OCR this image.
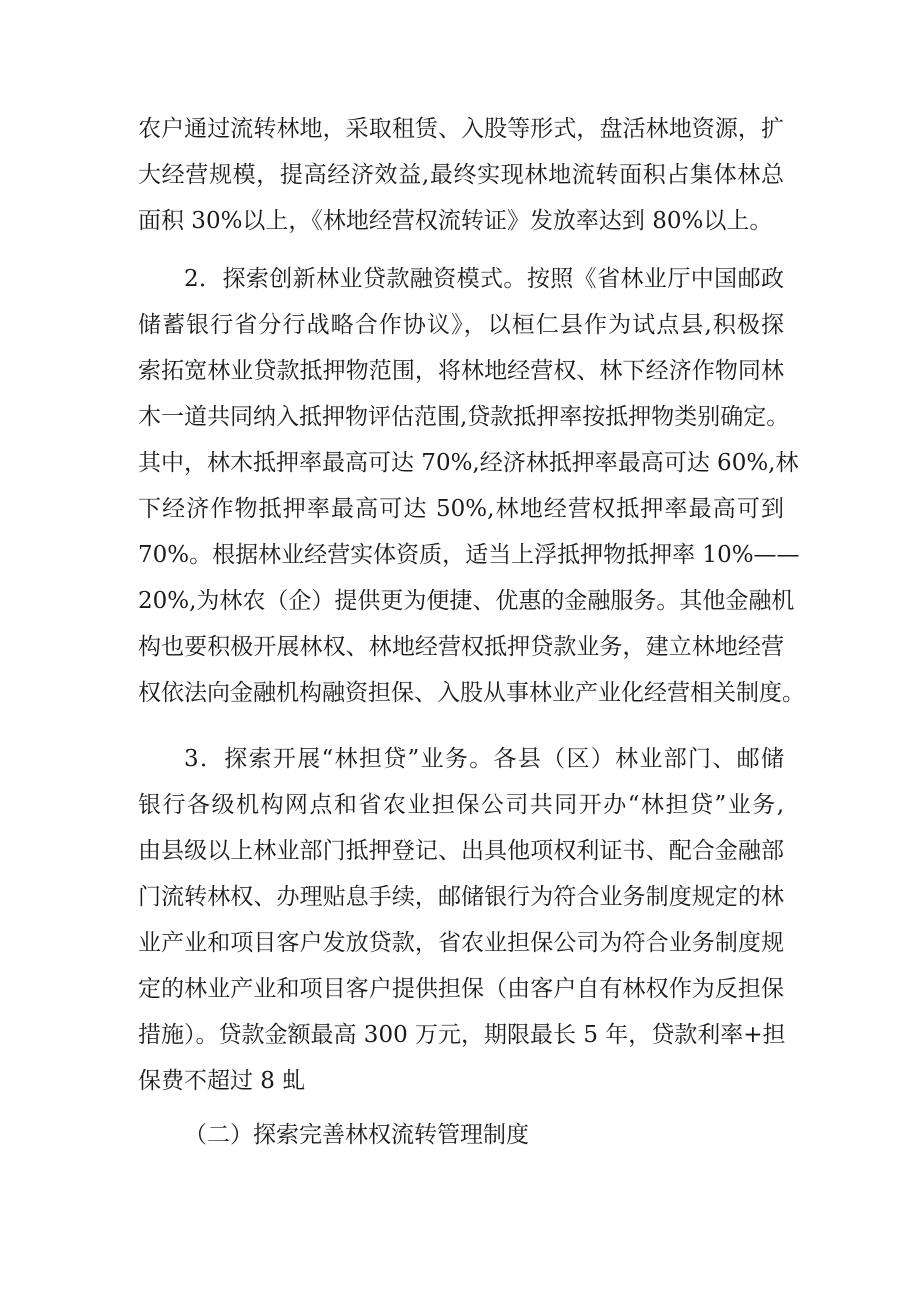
农户通过流转林地，采取租赁、入股等形式，盘活林地资源，扩
大经营规模，提高经济效益,最终实现林地流转面积占集体林总
面积 30%以上，《林地经营权流转证》发放率达到 80%以上。
2．探索创新林业贷款融资模式。按照《省林业厅中国邮政
储蓄银行省分行战略合作协议》，以桓仁县作为试点县,积极探
索拓宽林业贷款抵押物范围，将林地经营权、林下经济作物同林
木一道共同纳入抵押物评估范围,贷款抵押率按抵押物类别确定。
其中，林木抵押率最高可达 70%,经济林抵押率最高可达 60%,林
下经济作物抵押率最高可达 50%,林地经营权抵押率最高可到
70%。根据林业经营实体资质，适当上浮抵押物抵押率 10%——
20%,为林农（企）提供更为便捷、优惠的金融服务。其他金融机
构也要积极开展林权、林地经营权抵押贷款业务，建立林地经营
权依法向金融机构融资担保、入股从事林业产业化经营相关制度。
3．探索开展“林担贷”业务。各县（区）林业部门、邮储
银行各级机构网点和省农业担保公司共同开办“林担贷”业务,
由县级以上林业部门抵押登记、出具他项权利证书、配合金融部
门流转林权、办理贴息手续，邮储银行为符合业务制度规定的林
业产业和项目客户发放贷款，省农业担保公司为符合业务制度规
定的林业产业和项目客户提供担保（由客户自有林权作为反担保
措施）。贷款金额最高 300 万元，期限最长 5 年，贷款利率+担
保费不超过 8 虬
（二）探索完善林权流转管理制度
